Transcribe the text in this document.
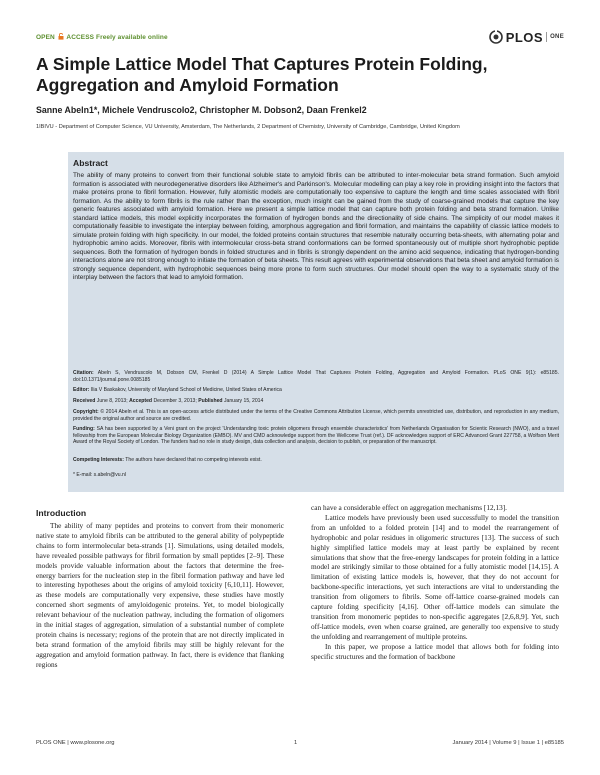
OPEN ACCESS Freely available online	PLOS ONE
A Simple Lattice Model That Captures Protein Folding,
Aggregation and Amyloid Formation
Sanne Abeln1*, Michele Vendruscolo2, Christopher M. Dobson2, Daan Frenkel2
1IBIVU - Department of Computer Science, VU University, Amsterdam, The Netherlands, 2 Department of Chemistry, University of Cambridge, Cambridge, United Kingdom
Abstract
The ability of many proteins to convert from their functional soluble state to amyloid fibrils can be attributed to inter-molecular beta strand formation. Such amyloid formation is associated with neurodegenerative disorders like Alzheimer's and Parkinson's. Molecular modelling can play a key role in providing insight into the factors that make proteins prone to fibril formation. However, fully atomistic models are computationally too expensive to capture the length and time scales associated with fibril formation. As the ability to form fibrils is the rule rather than the exception, much insight can be gained from the study of coarse-grained models that capture the key generic features associated with amyloid formation. Here we present a simple lattice model that can capture both protein folding and beta strand formation. Unlike standard lattice models, this model explicitly incorporates the formation of hydrogen bonds and the directionality of side chains. The simplicity of our model makes it computationally feasible to investigate the interplay between folding, amorphous aggregation and fibril formation, and maintains the capability of classic lattice models to simulate protein folding with high specificity. In our model, the folded proteins contain structures that resemble naturally occurring beta-sheets, with alternating polar and hydrophobic amino acids. Moreover, fibrils with intermolecular cross-beta strand conformations can be formed spontaneously out of multiple short hydrophobic peptide sequences. Both the formation of hydrogen bonds in folded structures and in fibrils is strongly dependent on the amino acid sequence, indicating that hydrogen-bonding interactions alone are not strong enough to initiate the formation of beta sheets. This result agrees with experimental observations that beta sheet and amyloid formation is strongly sequence dependent, with hydrophobic sequences being more prone to form such structures. Our model should open the way to a systematic study of the interplay between the factors that lead to amyloid formation.
Citation: Abeln S, Vendruscolo M, Dobson CM, Frenkel D (2014) A Simple Lattice Model That Captures Protein Folding, Aggregation and Amyloid Formation. PLoS ONE 9(1): e85185. doi:10.1371/journal.pone.0085185
Editor: Ilia V Baskakov, University of Maryland School of Medicine, United States of America
Received June 8, 2013; Accepted December 3, 2013; Published January 15, 2014
Copyright: © 2014 Abeln et al. This is an open-access article distributed under the terms of the Creative Commons Attribution License, which permits unrestricted use, distribution, and reproduction in any medium, provided the original author and source are credited.
Funding: SA has been supported by a Veni grant on the project 'Understanding toxic protein oligomers through ensemble characteristics' from Netherlands Organisation for Scientic Research (NWO), and a travel fellowship from the European Molecular Biology Organization (EMBO). MV and CMD acknowledge support from the Wellcome Trust (ref.). DF acknowledges support of ERC Advanced Grant 227758, a Wolfson Merit Award of the Royal Society of London. The funders had no role in study design, data collection and analysis, decision to publish, or preparation of the manuscript.
Competing Interests: The authors have declared that no competing interests exist.
* E-mail: s.abeln@vu.nl
Introduction

The ability of many peptides and proteins to convert from their monomeric native state to amyloid fibrils can be attributed to the general ability of polypeptide chains to form intermolecular beta-strands [1]. Simulations, using detailed models, have revealed possible pathways for fibril formation by small peptides [2–9]. These models provide valuable information about the factors that determine the free-energy barriers for the nucleation step in the fibril formation pathway and have led to interesting hypotheses about the origins of amyloid toxicity [6,10,11]. However, as these models are computationally very expensive, these studies have mostly concerned short segments of amyloidogenic proteins. Yet, to model biologically relevant behaviour of the nucleation pathway, including the formation of oligomers in the initial stages of aggregation, simulation of a substantial number of complete protein chains is necessary; regions of the protein that are not directly implicated in beta strand formation of the amyloid fibrils may still be highly relevant for the aggregation and amyloid formation pathway. In fact, there is evidence that flanking regions

can have a considerable effect on aggregation mechanisms [12,13].

Lattice models have previously been used successfully to model the transition from an unfolded to a folded protein [14] and to model the rearrangement of hydrophobic and polar residues in oligomeric structures [13]. The success of such highly simplified lattice models may at least partly be explained by recent simulations that show that the free-energy landscapes for protein folding in a lattice model are strikingly similar to those obtained for a fully atomistic model [14,15]. A limitation of existing lattice models is, however, that they do not account for backbone-specific interactions, yet such interactions are vital to understanding the transition from oligomers to fibrils. Some off-lattice coarse-grained models can capture folding specificity [4,16]. Other off-lattice models can simulate the transition from monomeric peptides to non-specific aggregates [2,6,8,9]. Yet, such off-lattice models, even when coarse grained, are generally too expensive to study the unfolding and rearrangement of multiple proteins.

In this paper, we propose a lattice model that allows both for folding into specific structures and the formation of backbone

PLOS ONE | www.plosone.org	1	January 2014 | Volume 9 | Issue 1 | e85185
